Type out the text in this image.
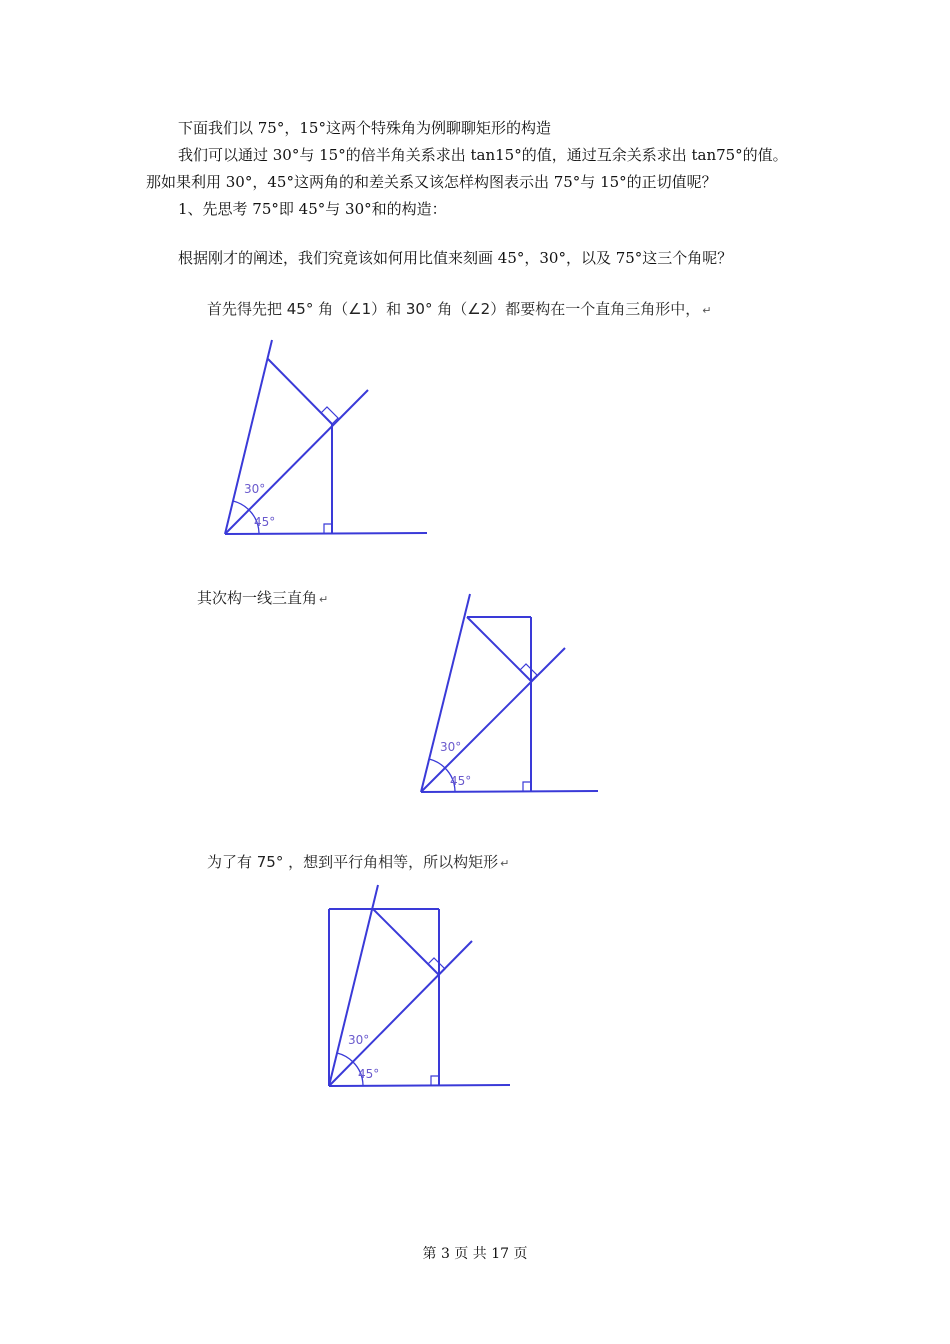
下面我们以 75°，15°这两个特殊角为例聊聊矩形的构造

我们可以通过 30°与 15°的倍半角关系求出 tan15°的值，通过互余关系求出 tan75°的值。

那如果利用 30°，45°这两角的和差关系又该怎样构图表示出 75°与 15°的正切值呢？

1、先思考 75°即 45°与 30°和的构造：

根据刚才的阐述，我们究竟该如何用比值来刻画 45°，30°，以及 75°这三个角呢？

首先得先把 45° 角（∠1）和 30° 角（∠2）都要构在一个直角三角形中， ↵
其次构一线三直角 ↵
为了有 75° ，想到平行角相等，所以构矩形 ↵
30°
45°
30°
45°
30°
45°
第 3 页 共 17 页
